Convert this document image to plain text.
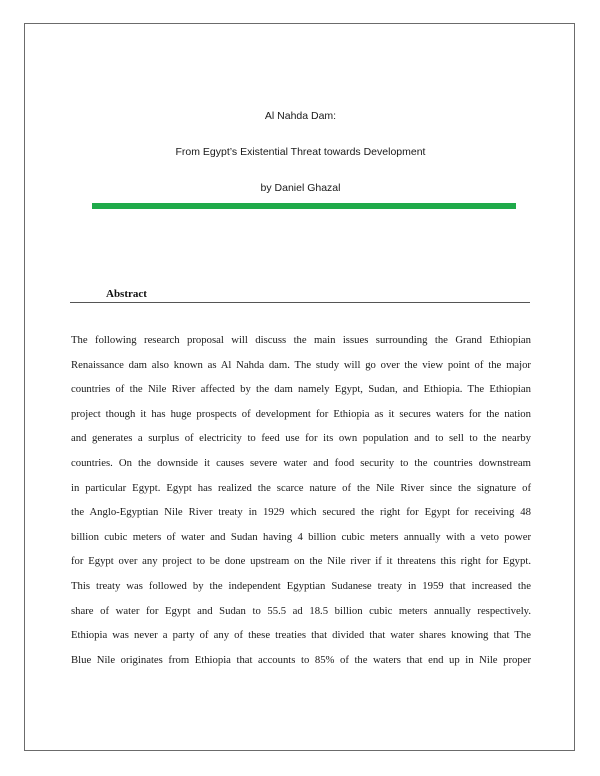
Al Nahda Dam:
From Egypt’s Existential Threat towards Development
by Daniel Ghazal
Abstract
The following research proposal will discuss the main issues surrounding the Grand Ethiopian
Renaissance dam also known as Al Nahda dam. The study will go over the view point of the major
countries of the Nile River affected by the dam namely Egypt, Sudan, and Ethiopia. The Ethiopian
project though it has huge prospects of development for Ethiopia as it secures waters for the nation
and generates a surplus of electricity to feed use for its own population and to sell to the nearby
countries. On the downside it causes severe water and food security to the countries downstream
in particular Egypt. Egypt has realized the scarce nature of the Nile River since the signature of
the Anglo-Egyptian Nile River treaty in 1929 which secured the right for Egypt for receiving 48
billion cubic meters of water and Sudan having 4 billion cubic meters annually with a veto power
for Egypt over any project to be done upstream on the Nile river if it threatens this right for Egypt.
This treaty was followed by the independent Egyptian Sudanese treaty in 1959 that increased the
share of water for Egypt and Sudan to 55.5 ad 18.5 billion cubic meters annually respectively.
Ethiopia was never a party of any of these treaties that divided that water shares knowing that The
Blue Nile originates from Ethiopia that accounts to 85% of the waters that end up in Nile proper
